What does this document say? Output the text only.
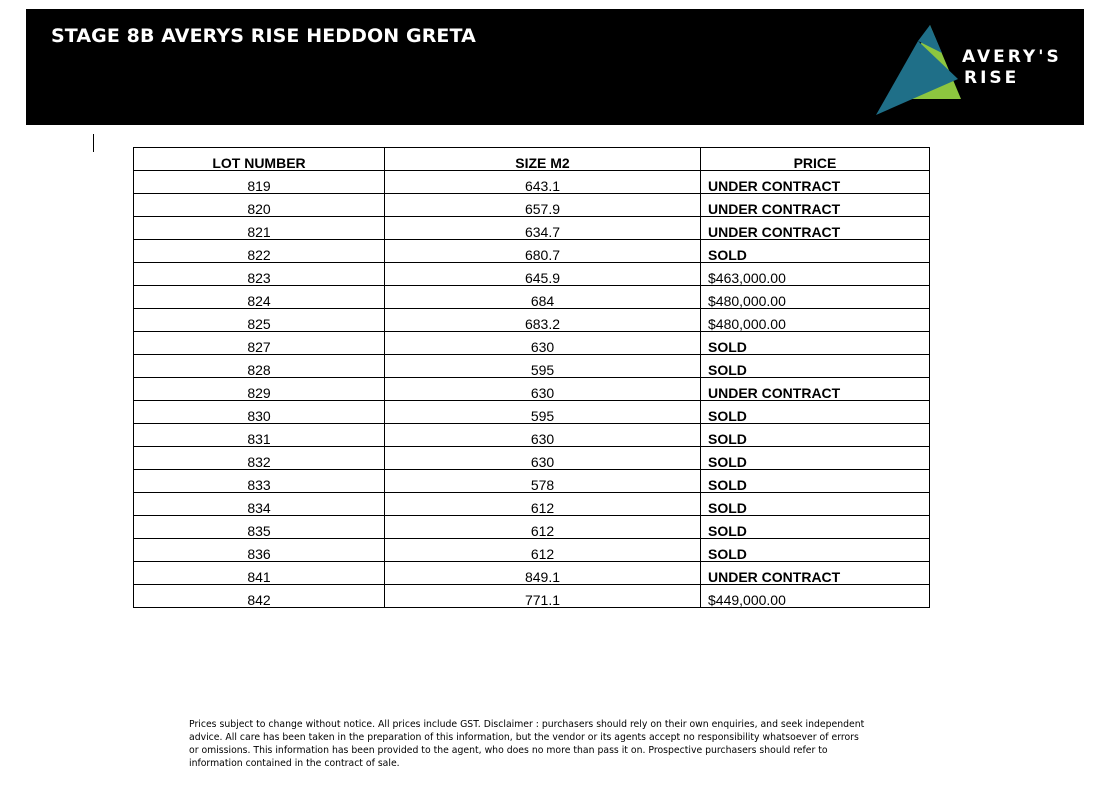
STAGE 8B AVERYS RISE HEDDON GRETA
AVERY'S
RISE
LOT NUMBER	SIZE M2	PRICE
819	643.1	UNDER CONTRACT
820	657.9	UNDER CONTRACT
821	634.7	UNDER CONTRACT
822	680.7	SOLD
823	645.9	$463,000.00
824	684	$480,000.00
825	683.2	$480,000.00
827	630	SOLD
828	595	SOLD
829	630	UNDER CONTRACT
830	595	SOLD
831	630	SOLD
832	630	SOLD
833	578	SOLD
834	612	SOLD
835	612	SOLD
836	612	SOLD
841	849.1	UNDER CONTRACT
842	771.1	$449,000.00

Prices subject to change without notice. All prices include GST. Disclaimer : purchasers should rely on their own enquiries, and seek independent advice. All care has been taken in the preparation of this information, but the vendor or its agents accept no responsibility whatsoever of errors or omissions. This information has been provided to the agent, who does no more than pass it on. Prospective purchasers should refer to information contained in the contract of sale.
